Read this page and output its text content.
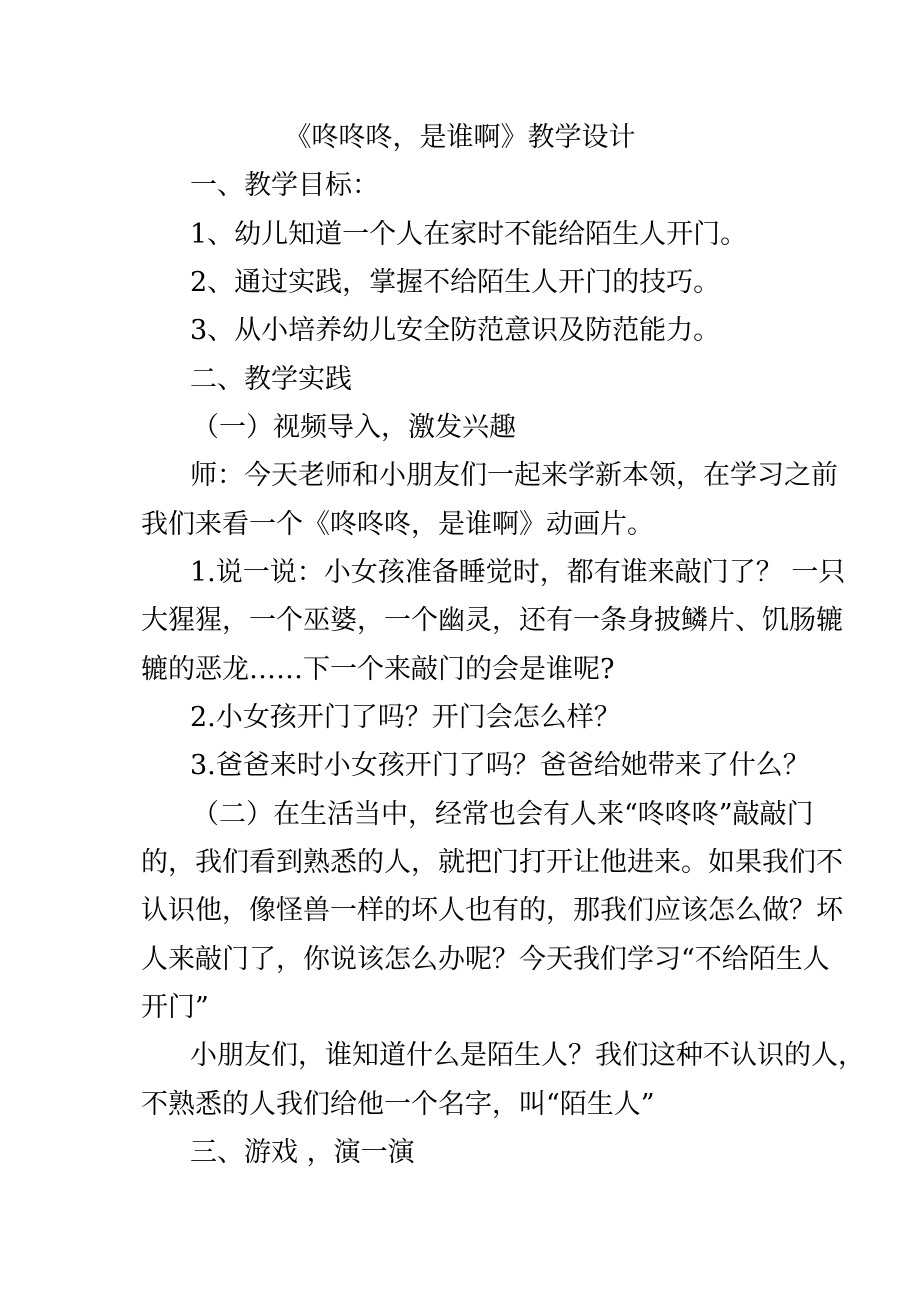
《咚咚咚，是谁啊》教学设计
一、教学目标：
1、幼儿知道一个人在家时不能给陌生人开门。
2、通过实践，掌握不给陌生人开门的技巧。
3、从小培养幼儿安全防范意识及防范能力。
二、教学实践
（一）视频导入，激发兴趣
师：今天老师和小朋友们一起来学新本领，在学习之前
我们来看一个《咚咚咚，是谁啊》动画片。
1.说一说：小女孩准备睡觉时，都有谁来敲门了？ 一只
大猩猩，一个巫婆，一个幽灵，还有一条身披鳞片、饥肠辘
辘的恶龙……下一个来敲门的会是谁呢?
2.小女孩开门了吗？开门会怎么样？
3.爸爸来时小女孩开门了吗？爸爸给她带来了什么？
（二）在生活当中，经常也会有人来“咚咚咚”敲敲门
的，我们看到熟悉的人，就把门打开让他进来。如果我们不
认识他，像怪兽一样的坏人也有的，那我们应该怎么做？坏
人来敲门了，你说该怎么办呢？今天我们学习“不给陌生人
开门”
小朋友们，谁知道什么是陌生人？我们这种不认识的人，
不熟悉的人我们给他一个名字，叫“陌生人”
三、游戏 ，演一演
